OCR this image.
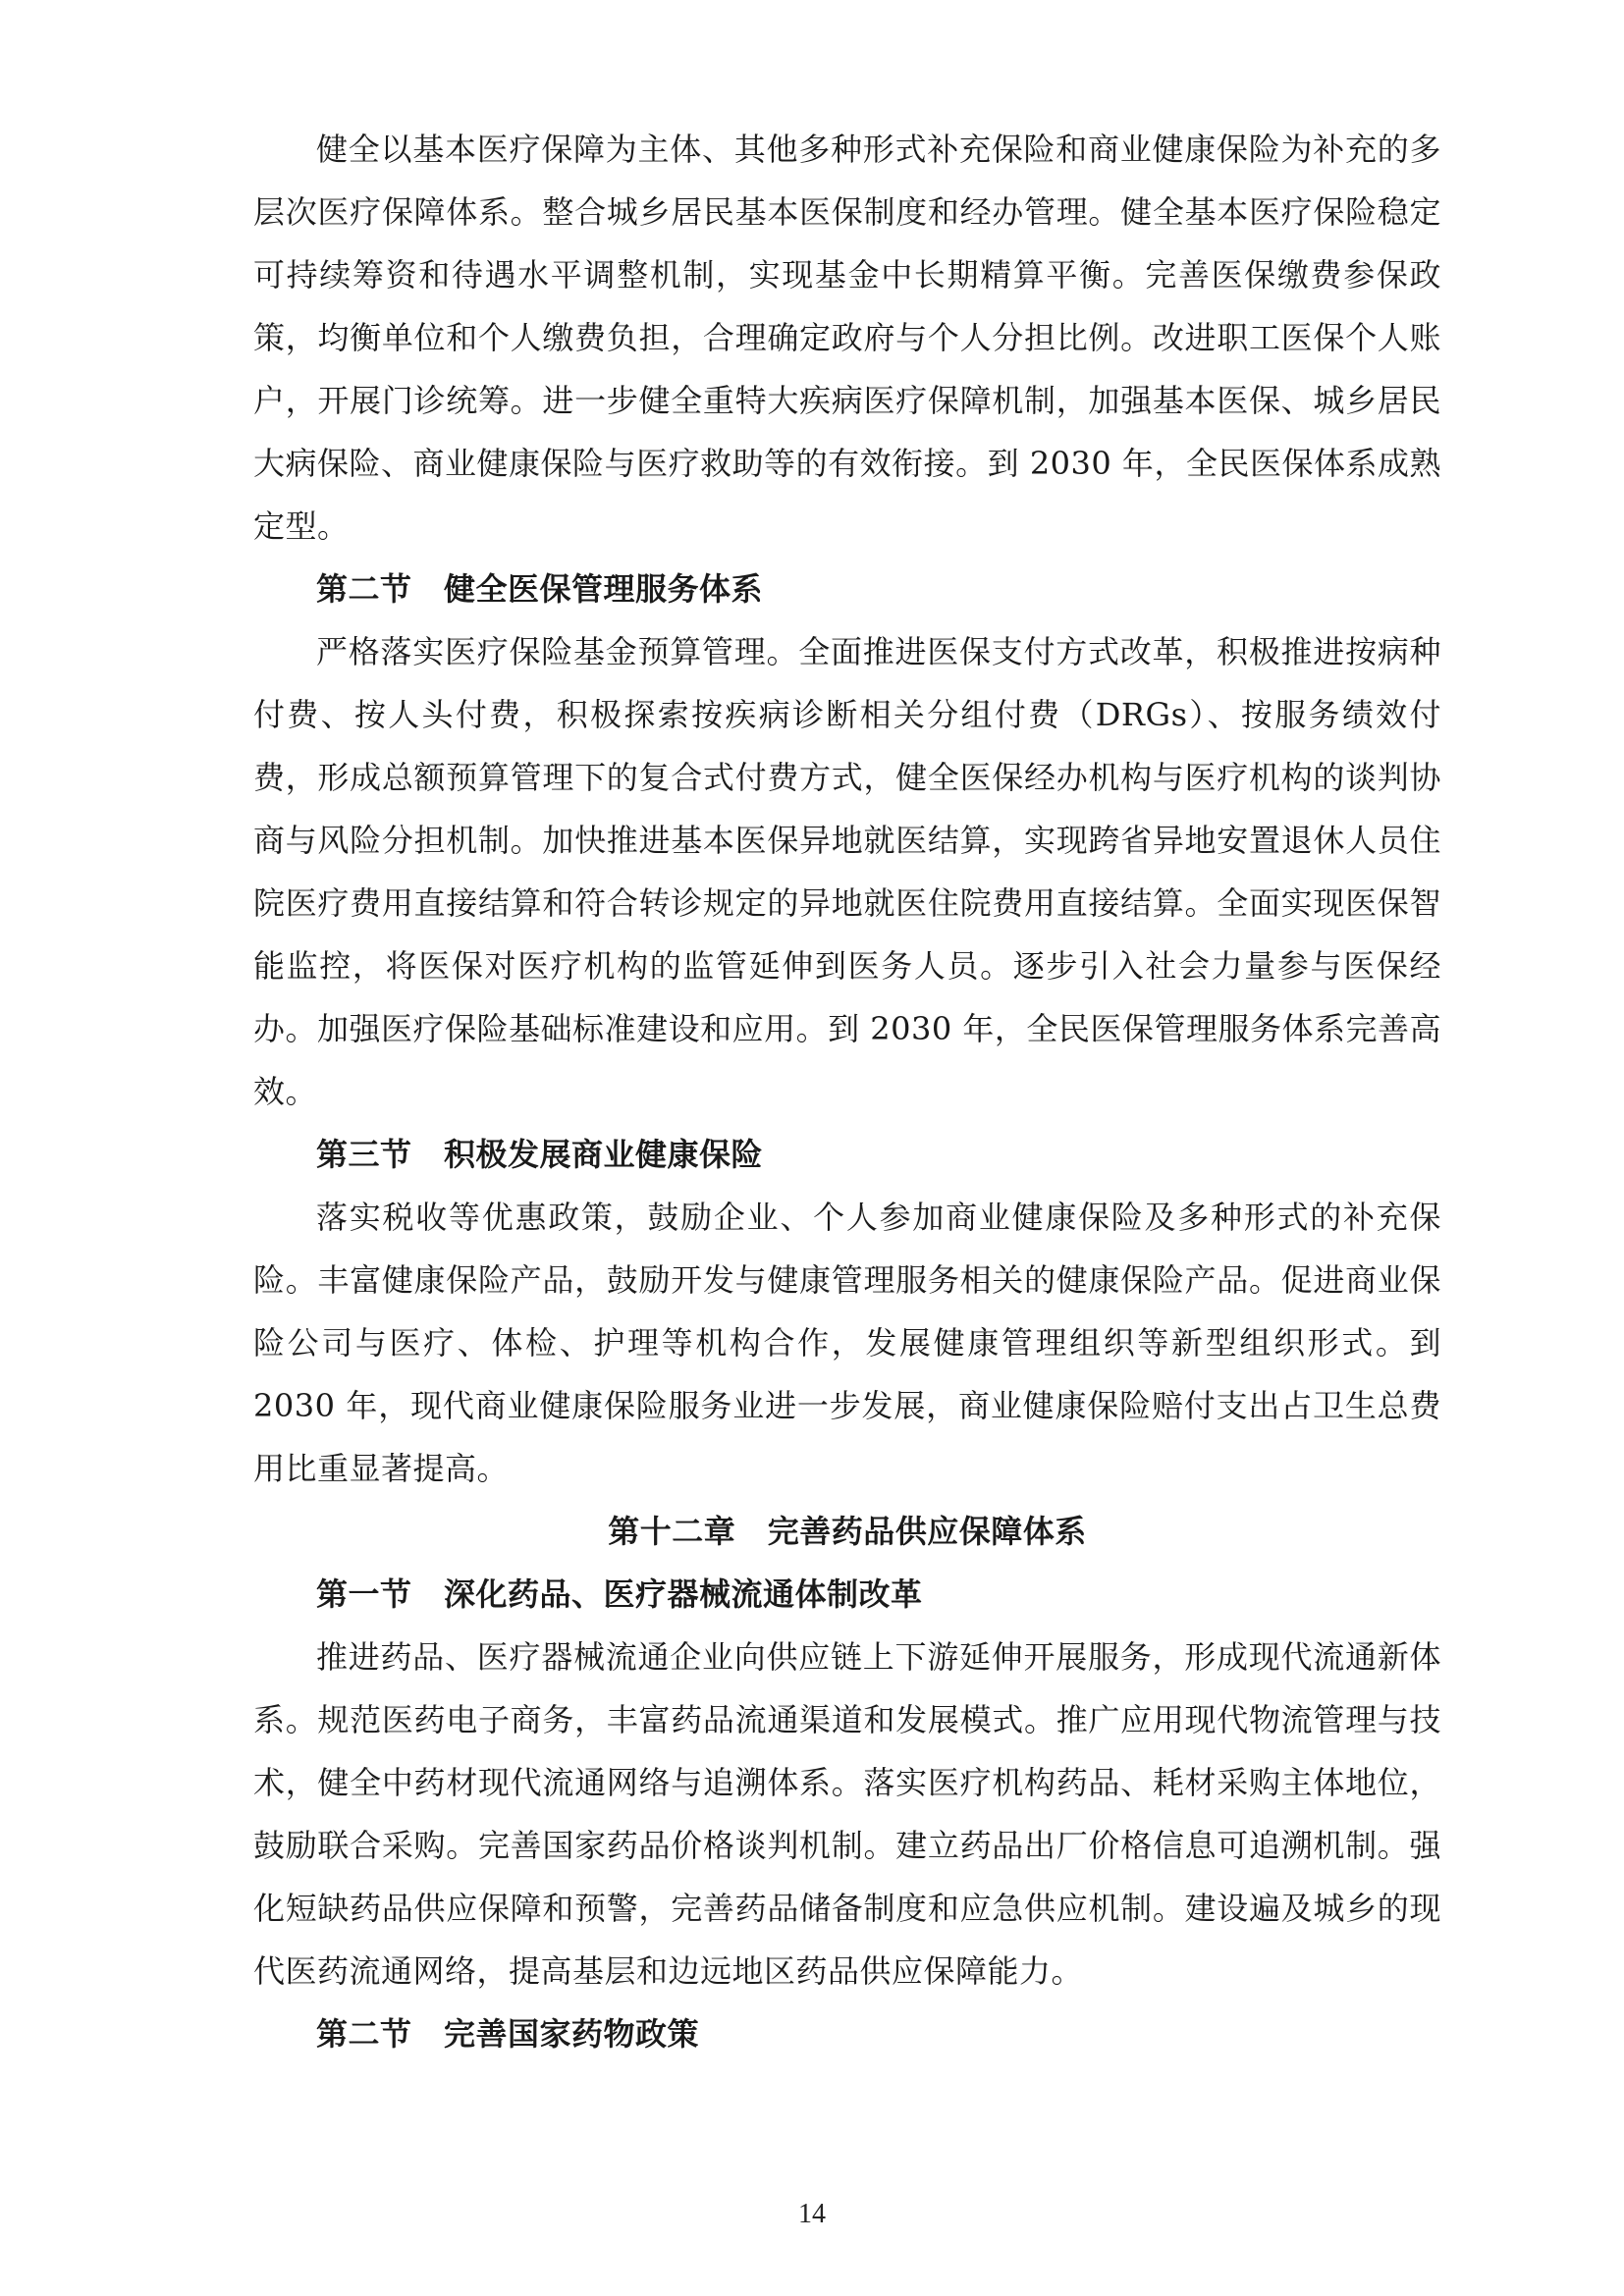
健全以基本医疗保障为主体、其他多种形式补充保险和商业健康保险为补充的多层次医疗保障体系。整合城乡居民基本医保制度和经办管理。健全基本医疗保险稳定可持续筹资和待遇水平调整机制，实现基金中长期精算平衡。完善医保缴费参保政策，均衡单位和个人缴费负担，合理确定政府与个人分担比例。改进职工医保个人账户，开展门诊统筹。进一步健全重特大疾病医疗保障机制，加强基本医保、城乡居民大病保险、商业健康保险与医疗救助等的有效衔接。到 2030 年，全民医保体系成熟定型。

第二节　健全医保管理服务体系

严格落实医疗保险基金预算管理。全面推进医保支付方式改革，积极推进按病种付费、按人头付费，积极探索按疾病诊断相关分组付费（DRGs）、按服务绩效付费，形成总额预算管理下的复合式付费方式，健全医保经办机构与医疗机构的谈判协商与风险分担机制。加快推进基本医保异地就医结算，实现跨省异地安置退休人员住院医疗费用直接结算和符合转诊规定的异地就医住院费用直接结算。全面实现医保智能监控，将医保对医疗机构的监管延伸到医务人员。逐步引入社会力量参与医保经办。加强医疗保险基础标准建设和应用。到 2030 年，全民医保管理服务体系完善高效。

第三节　积极发展商业健康保险

落实税收等优惠政策，鼓励企业、个人参加商业健康保险及多种形式的补充保险。丰富健康保险产品，鼓励开发与健康管理服务相关的健康保险产品。促进商业保险公司与医疗、体检、护理等机构合作，发展健康管理组织等新型组织形式。到 2030 年，现代商业健康保险服务业进一步发展，商业健康保险赔付支出占卫生总费用比重显著提高。

第十二章　完善药品供应保障体系
第一节　深化药品、医疗器械流通体制改革

推进药品、医疗器械流通企业向供应链上下游延伸开展服务，形成现代流通新体系。规范医药电子商务，丰富药品流通渠道和发展模式。推广应用现代物流管理与技术，健全中药材现代流通网络与追溯体系。落实医疗机构药品、耗材采购主体地位，鼓励联合采购。完善国家药品价格谈判机制。建立药品出厂价格信息可追溯机制。强化短缺药品供应保障和预警，完善药品储备制度和应急供应机制。建设遍及城乡的现代医药流通网络，提高基层和边远地区药品供应保障能力。

第二节　完善国家药物政策
14
